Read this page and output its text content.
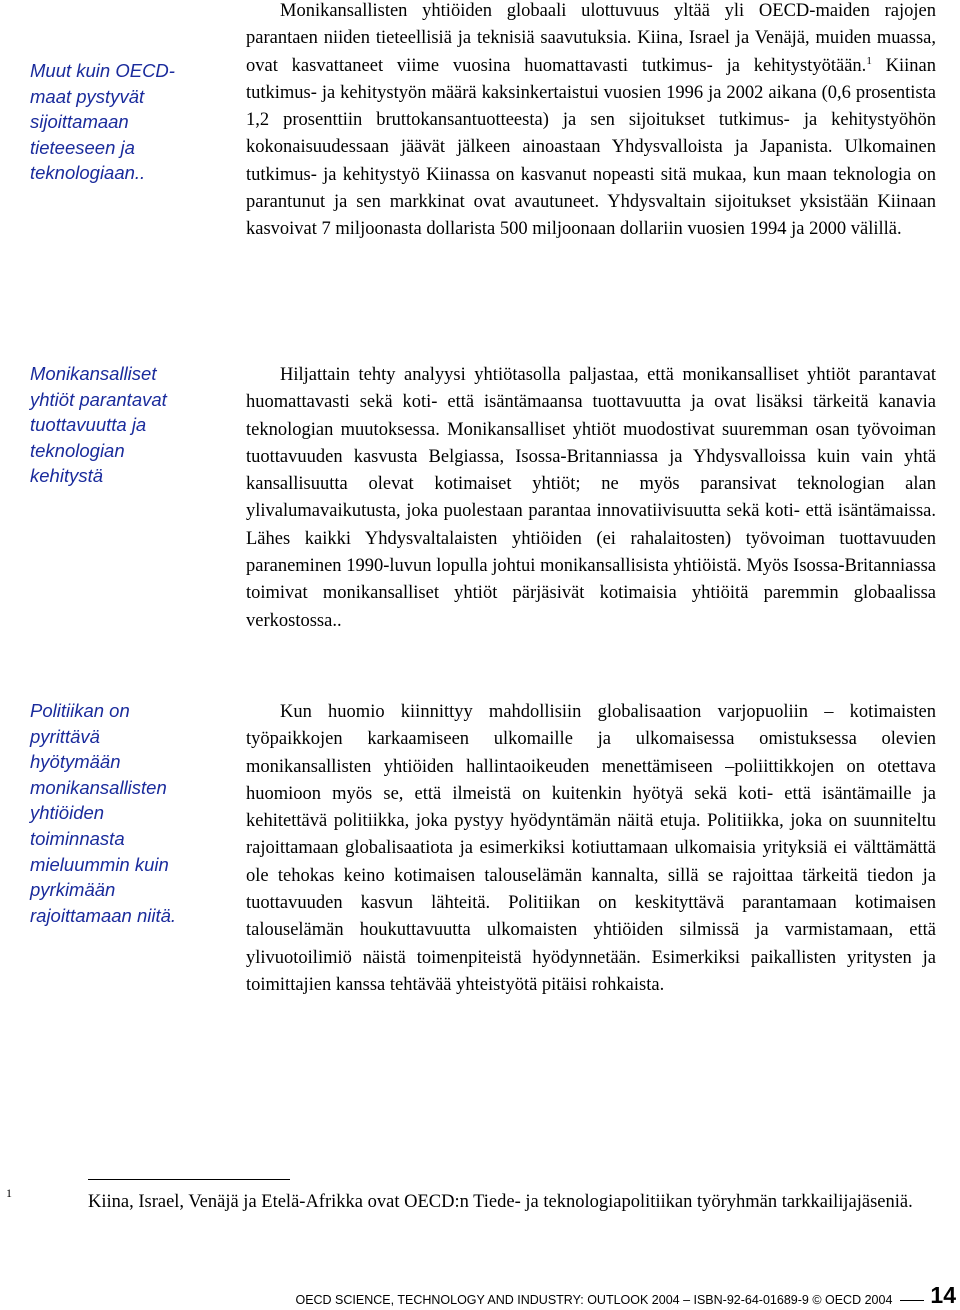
Muut kuin OECD-maat pystyvät sijoittamaan tieteeseen ja teknologiaan..
Monikansalliset yhtiöt parantavat tuottavuutta ja teknologian kehitystä
Politiikan on pyrittävä hyötymään monikansallisten yhtiöiden toiminnasta mieluummin kuin pyrkimään rajoittamaan niitä.

Monikansallisten yhtiöiden globaali ulottuvuus yltää yli OECD-maiden rajojen parantaen niiden tieteellisiä ja teknisiä saavutuksia. Kiina, Israel ja Venäjä, muiden muassa, ovat kasvattaneet viime vuosina huomattavasti tutkimus- ja kehitystyötään.$^1$ Kiinan tutkimus- ja kehitystyön määrä kaksinkertaistui vuosien 1996 ja 2002 aikana (0,6 prosentista 1,2 prosenttiin bruttokansantuotteesta) ja sen sijoitukset tutkimus- ja kehitystyöhön kokonaisuudessaan jäävät jälkeen ainoastaan Yhdysvalloista ja Japanista. Ulkomainen tutkimus- ja kehitystyö Kiinassa on kasvanut nopeasti sitä mukaa, kun maan teknologia on parantunut ja sen markkinat ovat avautuneet. Yhdysvaltain sijoitukset yksistään Kiinaan kasvoivat 7 miljoonasta dollarista 500 miljoonaan dollariin vuosien 1994 ja 2000 välillä.

Hiljattain tehty analyysi yhtiötasolla paljastaa, että monikansalliset yhtiöt parantavat huomattavasti sekä koti- että isäntämaansa tuottavuutta ja ovat lisäksi tärkeitä kanavia teknologian muutoksessa. Monikansalliset yhtiöt muodostivat suuremman osan työvoiman tuottavuuden kasvusta Belgiassa, Isossa-Britanniassa ja Yhdysvalloissa kuin vain yhtä kansallisuutta olevat kotimaiset yhtiöt; ne myös paransivat teknologian alan ylivalumavaikutusta, joka puolestaan parantaa innovatiivisuutta sekä koti- että isäntämaissa. Lähes kaikki Yhdysvaltalaisten yhtiöiden (ei rahalaitosten) työvoiman tuottavuuden paraneminen 1990-luvun lopulla johtui monikansallisista yhtiöistä. Myös Isossa-Britanniassa toimivat monikansalliset yhtiöt pärjäsivät kotimaisia yhtiöitä paremmin globaalissa verkostossa..

Kun huomio kiinnittyy mahdollisiin globalisaation varjopuoliin – kotimaisten työpaikkojen karkaamiseen ulkomaille ja ulkomaisessa omistuksessa olevien monikansallisten yhtiöiden hallintaoikeuden menettämiseen –poliittikkojen on otettava huomioon myös se, että ilmeistä on kuitenkin hyötyä sekä koti- että isäntämaille ja kehitettävä politiikka, joka pystyy hyödyntämän näitä etuja. Politiikka, joka on suunniteltu rajoittamaan globalisaatiota ja esimerkiksi kotiuttamaan ulkomaisia yrityksiä ei välttämättä ole tehokas keino kotimaisen talouselämän kannalta, sillä se rajoittaa tärkeitä tiedon ja tuottavuuden kasvun lähteitä. Politiikan on keskityttävä parantamaan kotimaisen talouselämän houkuttavuutta ulkomaisten yhtiöiden silmissä ja varmistamaan, että ylivuotoilimiö näistä toimenpiteistä hyödynnetään. Esimerkiksi paikallisten yritysten ja toimittajien kanssa tehtävää yhteistyötä pitäisi rohkaista.

1	Kiina, Israel, Venäjä ja Etelä-Afrikka ovat OECD:n Tiede- ja teknologiapolitiikan työryhmän tarkkailijajäseniä.
OECD SCIENCE, TECHNOLOGY AND INDUSTRY: OUTLOOK 2004 – ISBN-92-64-01689-9 © OECD 2004 14
